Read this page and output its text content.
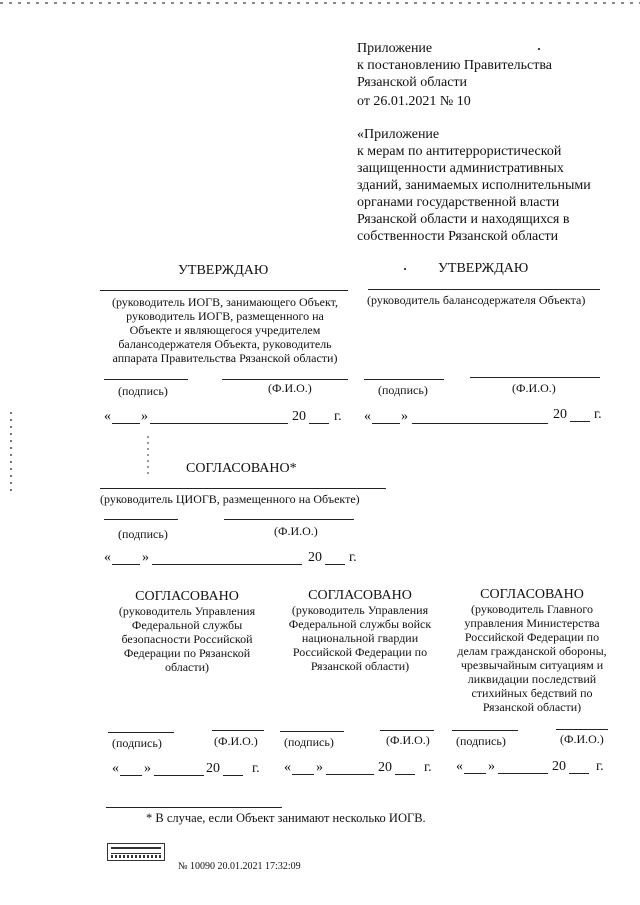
Приложение
к постановлению Правительства
Рязанской области
от 26.01.2021 № 10
«Приложение
к мерам по антитеррористической
защищенности административных
зданий, занимаемых исполнительными
органами государственной власти
Рязанской области и находящихся в
собственности Рязанской области
УТВЕРЖДАЮ
(руководитель ИОГВ, занимающего Объект,
руководитель ИОГВ, размещенного на
Объекте и являющегося учредителем
балансодержателя Объекта, руководитель
аппарата Правительства Рязанской области)
(подпись)	(Ф.И.О.)
« »	20 г.
УТВЕРЖДАЮ
(руководитель балансодержателя Объекта)
(подпись)	(Ф.И.О.)
« »	20 г.
СОГЛАСОВАНО*
(руководитель ЦИОГВ, размещенного на Объекте)
(подпись)	(Ф.И.О.)
« »	20 г.
СОГЛАСОВАНО
(руководитель Управления
Федеральной службы
безопасности Российской
Федерации по Рязанской
области)
(подпись)	(Ф.И.О.)
« »	20 г.
СОГЛАСОВАНО
(руководитель Управления
Федеральной службы войск
национальной гвардии
Российской Федерации по
Рязанской области)
(подпись)	(Ф.И.О.)
« »	20 г.
СОГЛАСОВАНО
(руководитель Главного
управления Министерства
Российской Федерации по
делам гражданской обороны,
чрезвычайным ситуациям и
ликвидации последствий
стихийных бедствий по
Рязанской области)
(подпись)	(Ф.И.О.)
« »	20 г.
* В случае, если Объект занимают несколько ИОГВ.
№ 10090 20.01.2021 17:32:09
